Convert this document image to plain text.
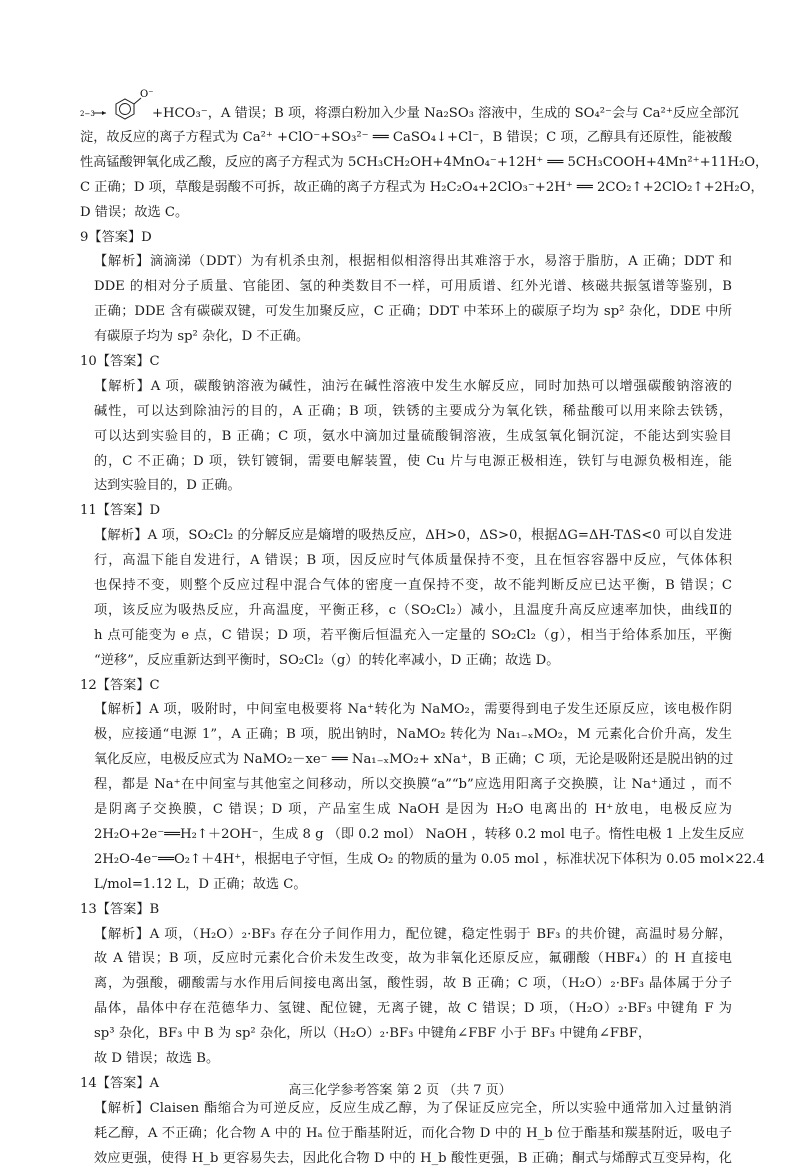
2−3
O⁻
+HCO₃⁻，A 错误；B 项，将漂白粉加入少量 Na₂SO₃ 溶液中，生成的 SO₄²⁻会与 Ca²⁺反应全部沉
淀，故反应的离子方程式为 Ca²⁺ +ClO⁻+SO₃²⁻ ══ CaSO₄↓+Cl⁻，B 错误；C 项，乙醇具有还原性，能被酸
性高锰酸钾氧化成乙酸，反应的离子方程式为 5CH₃CH₂OH+4MnO₄⁻+12H⁺ ══ 5CH₃COOH+4Mn²⁺+11H₂O，
C 正确；D 项，草酸是弱酸不可拆，故正确的离子方程式为 H₂C₂O₄+2ClO₃⁻+2H⁺ ══ 2CO₂↑+2ClO₂↑+2H₂O，
D 错误；故选 C。
9【答案】D
【解析】滴滴涕（DDT）为有机杀虫剂，根据相似相溶得出其难溶于水，易溶于脂肪，A 正确；DDT 和
DDE 的相对分子质量、官能团、氢的种类数目不一样，可用质谱、红外光谱、核磁共振氢谱等鉴别，B
正确；DDE 含有碳碳双键，可发生加聚反应，C 正确；DDT 中苯环上的碳原子均为 sp² 杂化，DDE 中所
有碳原子均为 sp² 杂化，D 不正确。
10【答案】C
【解析】A 项，碳酸钠溶液为碱性，油污在碱性溶液中发生水解反应，同时加热可以增强碳酸钠溶液的
碱性，可以达到除油污的目的，A 正确；B 项，铁锈的主要成分为氧化铁，稀盐酸可以用来除去铁锈，
可以达到实验目的，B 正确；C 项，氨水中滴加过量硫酸铜溶液，生成氢氧化铜沉淀，不能达到实验目
的，C 不正确；D 项，铁钉镀铜，需要电解装置，使 Cu 片与电源正极相连，铁钉与电源负极相连，能
达到实验目的，D 正确。
11【答案】D
【解析】A 项，SO₂Cl₂ 的分解反应是熵增的吸热反应，ΔH>0，ΔS>0，根据ΔG=ΔH-TΔS<0 可以自发进
行，高温下能自发进行，A 错误；B 项，因反应时气体质量保持不变，且在恒容容器中反应，气体体积
也保持不变，则整个反应过程中混合气体的密度一直保持不变，故不能判断反应已达平衡，B 错误；C
项，该反应为吸热反应，升高温度，平衡正移，c（SO₂Cl₂）减小，且温度升高反应速率加快，曲线Ⅱ的
h 点可能变为 e 点，C 错误；D 项，若平衡后恒温充入一定量的 SO₂Cl₂（g），相当于给体系加压，平衡
“逆移”，反应重新达到平衡时，SO₂Cl₂（g）的转化率减小，D 正确；故选 D。
12【答案】C
【解析】A 项，吸附时，中间室电极要将 Na⁺转化为 NaMO₂，需要得到电子发生还原反应，该电极作阴
极，应接通“电源 1”，A 正确；B 项，脱出钠时，NaMO₂ 转化为 Na₁₋ₓMO₂，M 元素化合价升高，发生
氧化反应，电极反应式为 NaMO₂－xe⁻ ══ Na₁₋ₓMO₂+ xNa⁺，B 正确；C 项，无论是吸附还是脱出钠的过
程，都是 Na⁺在中间室与其他室之间移动，所以交换膜“a”“b”应选用阳离子交换膜，让 Na⁺通过 ，而不
是阴离子交换膜，C 错误；D 项，产品室生成 NaOH 是因为 H₂O 电离出的 H⁺放电，电极反应为
2H₂O+2e⁻══H₂↑＋2OH⁻，生成 8 g （即 0.2 mol） NaOH ，转移 0.2 mol 电子。惰性电极 1 上发生反应
2H₂O-4e⁻══O₂↑＋4H⁺，根据电子守恒，生成 O₂ 的物质的量为 0.05 mol ，标准状况下体积为 0.05 mol×22.4
L/mol=1.12 L，D 正确；故选 C。
13【答案】B
【解析】A 项，（H₂O）₂·BF₃ 存在分子间作用力，配位键，稳定性弱于 BF₃ 的共价键，高温时易分解，
故 A 错误；B 项，反应时元素化合价未发生改变，故为非氧化还原反应，氟硼酸（HBF₄）的 H 直接电
离，为强酸，硼酸需与水作用后间接电离出氢，酸性弱，故 B 正确；C 项，（H₂O）₂·BF₃ 晶体属于分子
晶体，晶体中存在范德华力、氢键、配位键，无离子键，故 C 错误；D 项，（H₂O）₂·BF₃ 中键角 F 为
sp³ 杂化，BF₃ 中 B 为 sp² 杂化，所以（H₂O）₂·BF₃ 中键角∠FBF 小于 BF₃ 中键角∠FBF，
故 D 错误；故选 B。
14【答案】A
【解析】Claisen 酯缩合为可逆反应，反应生成乙醇，为了保证反应完全，所以实验中通常加入过量钠消
耗乙醇，A 不正确；化合物 A 中的 Hₐ 位于酯基附近，而化合物 D 中的 H_b 位于酯基和羰基附近，吸电子
效应更强，使得 H_b 更容易失去，因此化合物 D 中的 H_b 酸性更强，B 正确；酮式与烯醇式互变异构，化
高三化学参考答案 第 2 页 （共 7 页）
